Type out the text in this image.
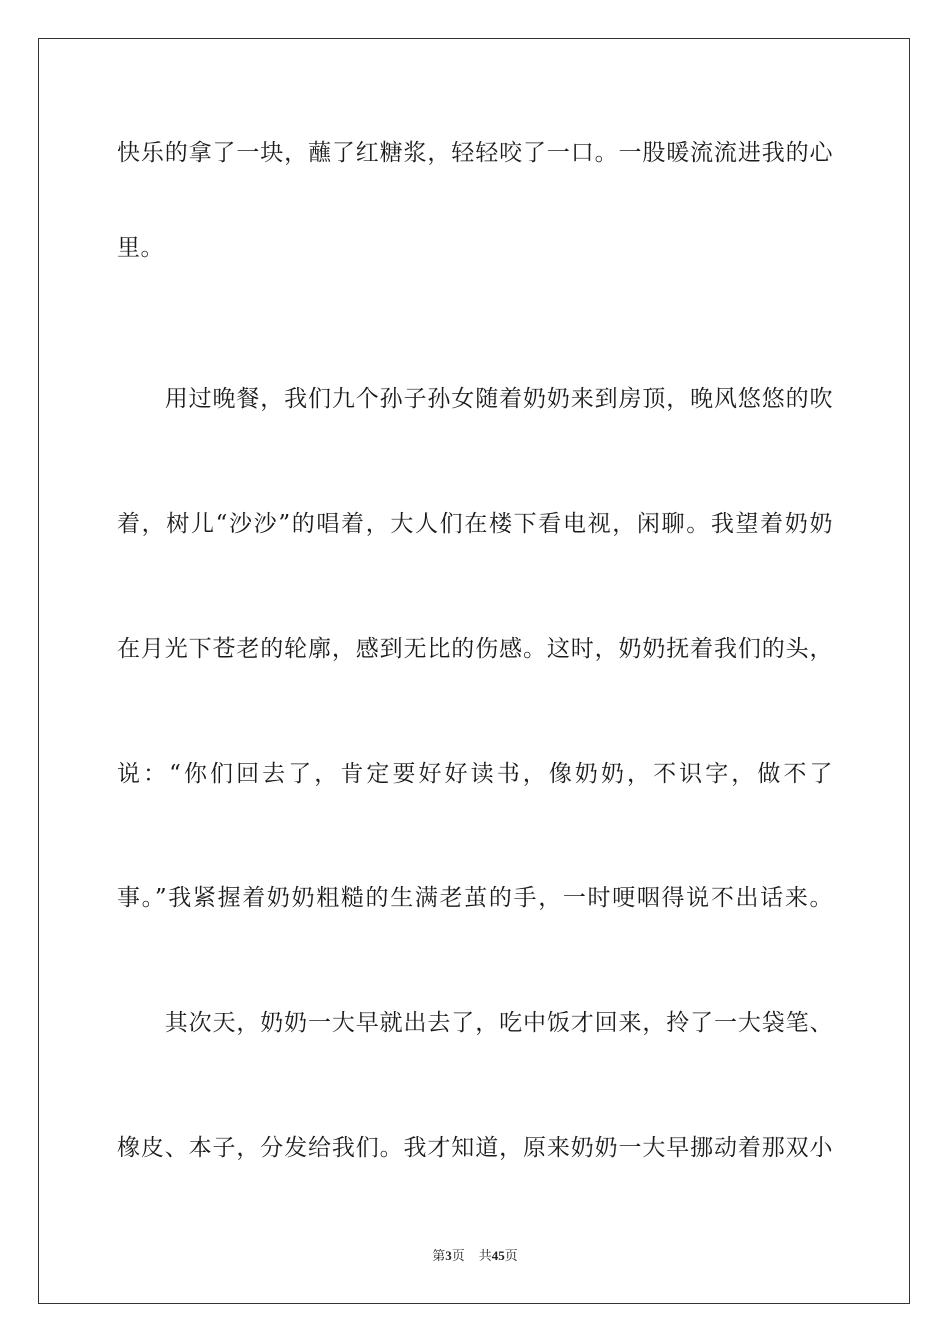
快乐的拿了一块，蘸了红糖浆，轻轻咬了一口。一股暖流流进我的心
里。
　　用过晚餐，我们九个孙子孙女随着奶奶来到房顶，晚风悠悠的吹
着，树儿“沙沙”的唱着，大人们在楼下看电视，闲聊。我望着奶奶
在月光下苍老的轮廓，感到无比的伤感。这时，奶奶抚着我们的头，
说：“你们回去了，肯定要好好读书，像奶奶，不识字，做不了
事。”我紧握着奶奶粗糙的生满老茧的手，一时哽咽得说不出话来。
　　其次天，奶奶一大早就出去了，吃中饭才回来，拎了一大袋笔、
橡皮、本子，分发给我们。我才知道，原来奶奶一大早挪动着那双小
第3页 共45页
